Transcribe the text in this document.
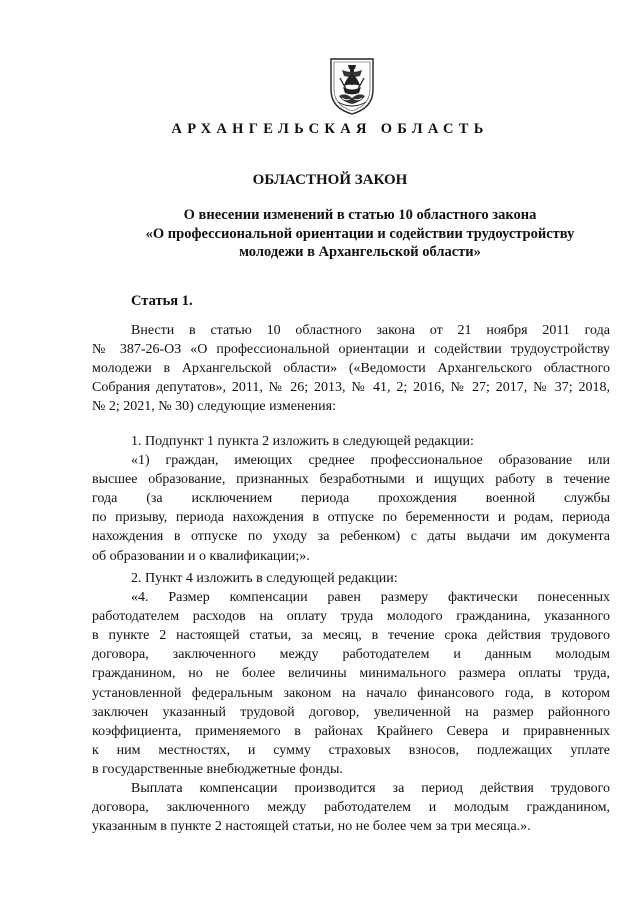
АРХАНГЕЛЬСКАЯ ОБЛАСТЬ
ОБЛАСТНОЙ ЗАКОН
О внесении изменений в статью 10 областного закона
«О профессиональной ориентации и содействии трудоустройству
молодежи в Архангельской области»
Статья 1.
Внести в статью 10 областного закона от 21 ноября 2011 года
№ 387-26-ОЗ «О профессиональной ориентации и содействии трудоустройству
молодежи в Архангельской области» («Ведомости Архангельского областного
Собрания депутатов», 2011, № 26; 2013, № 41, 2; 2016, № 27; 2017, № 37; 2018,
№ 2; 2021, № 30) следующие изменения:
1. Подпункт 1 пункта 2 изложить в следующей редакции:
«1) граждан, имеющих среднее профессиональное образование или
высшее образование, признанных безработными и ищущих работу в течение
года (за исключением периода прохождения военной службы
по призыву, периода нахождения в отпуске по беременности и родам, периода
нахождения в отпуске по уходу за ребенком) с даты выдачи им документа
об образовании и о квалификации;».
2. Пункт 4 изложить в следующей редакции:
«4. Размер компенсации равен размеру фактически понесенных
работодателем расходов на оплату труда молодого гражданина, указанного
в пункте 2 настоящей статьи, за месяц, в течение срока действия трудового
договора, заключенного между работодателем и данным молодым
гражданином, но не более величины минимального размера оплаты труда,
установленной федеральным законом на начало финансового года, в котором
заключен указанный трудовой договор, увеличенной на размер районного
коэффициента, применяемого в районах Крайнего Севера и приравненных
к ним местностях, и сумму страховых взносов, подлежащих уплате
в государственные внебюджетные фонды.
Выплата компенсации производится за период действия трудового
договора, заключенного между работодателем и молодым гражданином,
указанным в пункте 2 настоящей статьи, но не более чем за три месяца.».
